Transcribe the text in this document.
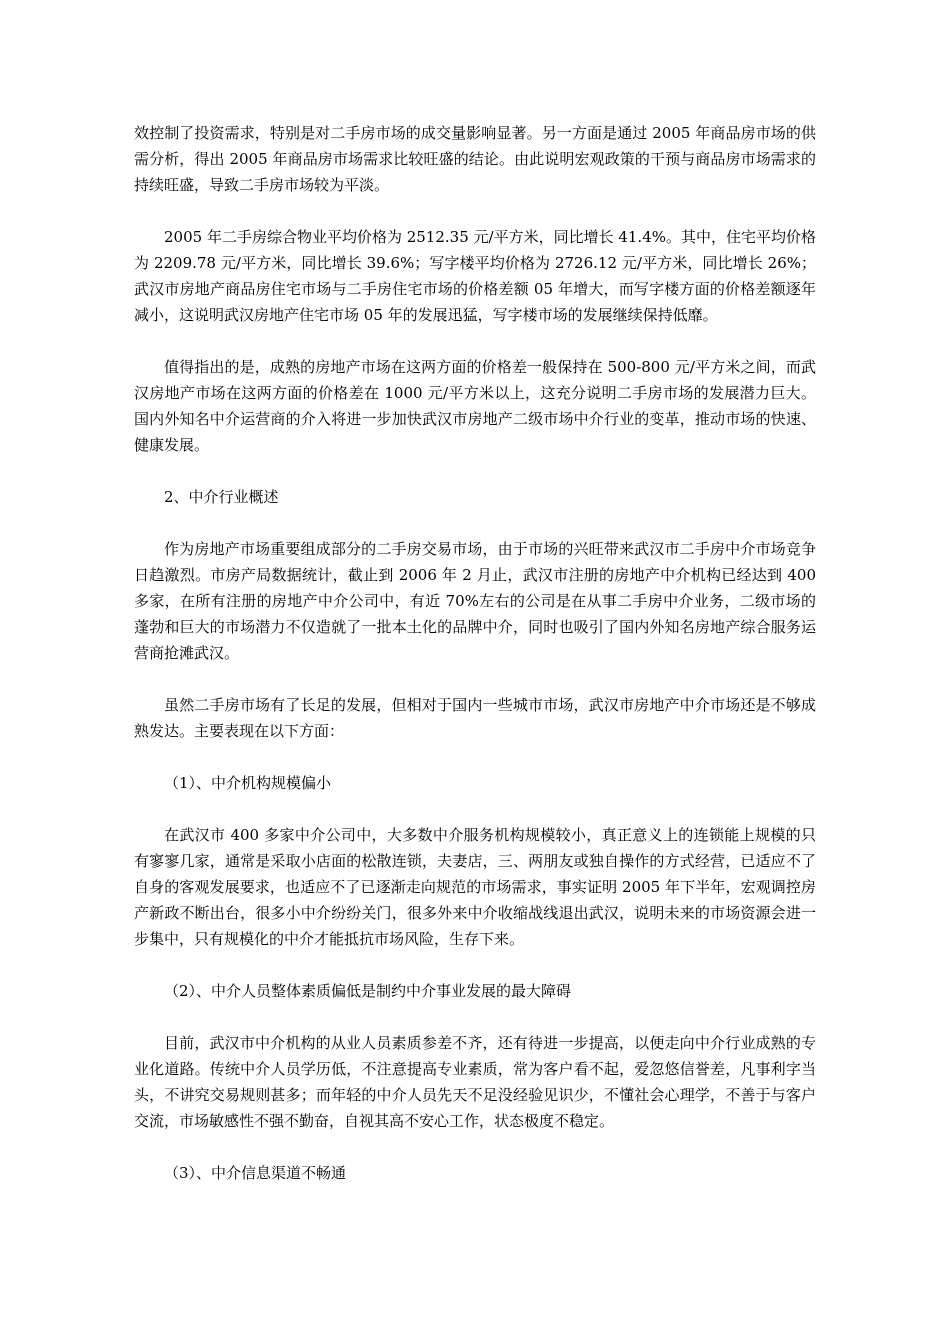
效控制了投资需求，特别是对二手房市场的成交量影响显著。另一方面是通过 2005 年商品房市场的供需分析，得出 2005 年商品房市场需求比较旺盛的结论。由此说明宏观政策的干预与商品房市场需求的持续旺盛，导致二手房市场较为平淡。

2005 年二手房综合物业平均价格为 2512.35 元/平方米，同比增长 41.4%。其中，住宅平均价格为 2209.78 元/平方米，同比增长 39.6%；写字楼平均价格为 2726.12 元/平方米，同比增长 26%；武汉市房地产商品房住宅市场与二手房住宅市场的价格差额 05 年增大，而写字楼方面的价格差额逐年减小，这说明武汉房地产住宅市场 05 年的发展迅猛，写字楼市场的发展继续保持低靡。

值得指出的是，成熟的房地产市场在这两方面的价格差一般保持在 500-800 元/平方米之间，而武汉房地产市场在这两方面的价格差在 1000 元/平方米以上，这充分说明二手房市场的发展潜力巨大。国内外知名中介运营商的介入将进一步加快武汉市房地产二级市场中介行业的变革，推动市场的快速、健康发展。

2、中介行业概述

作为房地产市场重要组成部分的二手房交易市场，由于市场的兴旺带来武汉市二手房中介市场竞争日趋激烈。市房产局数据统计，截止到 2006 年 2 月止，武汉市注册的房地产中介机构已经达到 400 多家，在所有注册的房地产中介公司中，有近 70%左右的公司是在从事二手房中介业务，二级市场的蓬勃和巨大的市场潜力不仅造就了一批本土化的品牌中介，同时也吸引了国内外知名房地产综合服务运营商抢滩武汉。

虽然二手房市场有了长足的发展，但相对于国内一些城市市场，武汉市房地产中介市场还是不够成熟发达。主要表现在以下方面：

（1）、中介机构规模偏小

在武汉市 400 多家中介公司中，大多数中介服务机构规模较小，真正意义上的连锁能上规模的只有寥寥几家，通常是采取小店面的松散连锁，夫妻店，三、两朋友或独自操作的方式经营，已适应不了自身的客观发展要求，也适应不了已逐渐走向规范的市场需求，事实证明 2005 年下半年，宏观调控房产新政不断出台，很多小中介纷纷关门，很多外来中介收缩战线退出武汉，说明未来的市场资源会进一步集中，只有规模化的中介才能抵抗市场风险，生存下来。

（2）、中介人员整体素质偏低是制约中介事业发展的最大障碍

目前，武汉市中介机构的从业人员素质参差不齐，还有待进一步提高，以便走向中介行业成熟的专业化道路。传统中介人员学历低，不注意提高专业素质，常为客户看不起，爱忽悠信誉差，凡事利字当头，不讲究交易规则甚多；而年轻的中介人员先天不足没经验见识少，不懂社会心理学，不善于与客户交流，市场敏感性不强不勤奋，自视其高不安心工作，状态极度不稳定。

（3）、中介信息渠道不畅通
